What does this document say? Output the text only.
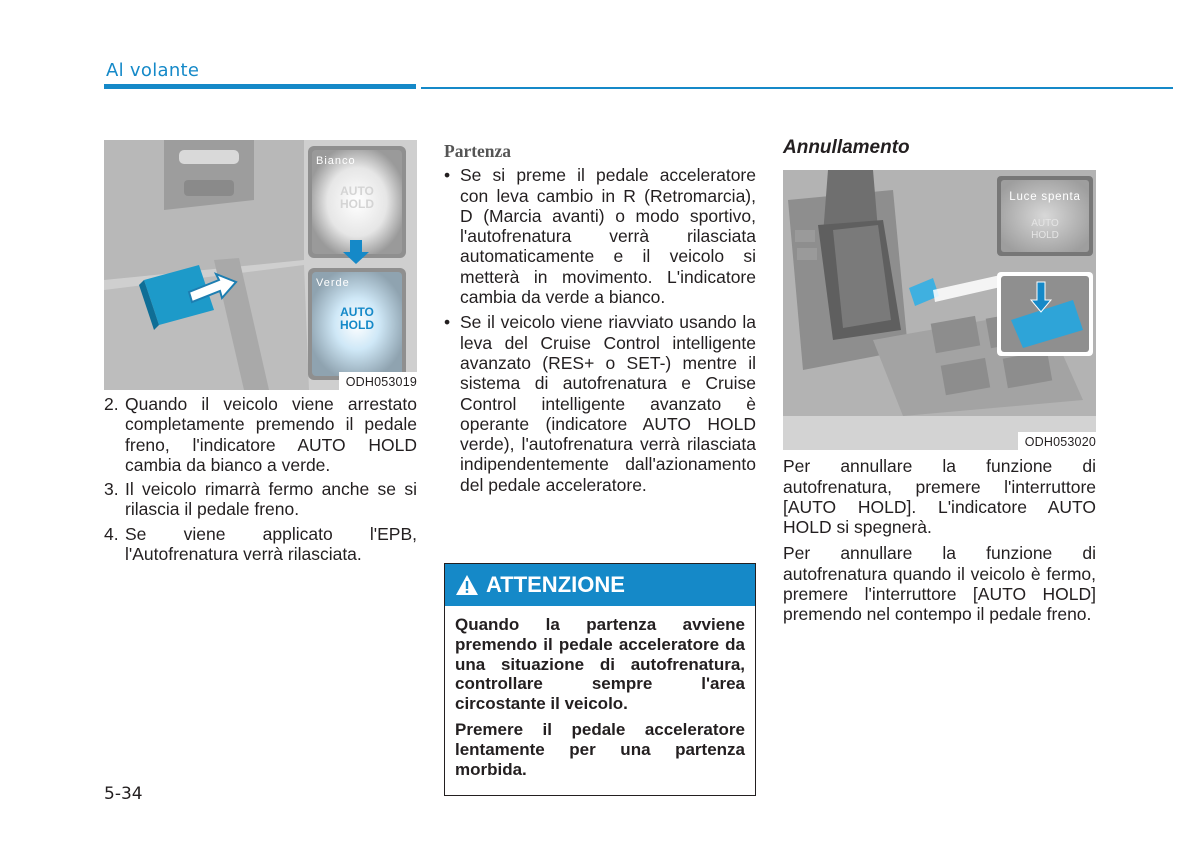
Al volante
Bianco
Verde
AUTO
HOLD
AUTO
HOLD
ODH053019
2. Quando il veicolo viene arrestato completamente premendo il pedale freno, l'indicatore AUTO HOLD cambia da bianco a verde.
3. Il veicolo rimarrà fermo anche se si rilascia il pedale freno.
4. Se viene applicato l'EPB, l'Autofrenatura verrà rilasciata.
Partenza
• Se si preme il pedale acceleratore con leva cambio in R (Retromarcia), D (Marcia avanti) o modo sportivo, l'autofrenatura verrà rilasciata automaticamente e il veicolo si metterà in movimento. L'indicatore cambia da verde a bianco.
• Se il veicolo viene riavviato usando la leva del Cruise Control intelligente avanzato (RES+ o SET-) mentre il sistema di autofrenatura e Cruise Control intelligente avanzato è operante (indicatore AUTO HOLD verde), l'autofrenatura verrà rilasciata indipendentemente dall'azionamento del pedale acceleratore.
ATTENZIONE

Quando la partenza avviene premendo il pedale acceleratore da una situazione di autofrenatura, controllare sempre l'area circostante il veicolo.

Premere il pedale acceleratore lentamente per una partenza morbida.

Annullamento
Luce spenta
AUTO
HOLD
ODH053020

Per annullare la funzione di autofrenatura, premere l'interruttore [AUTO HOLD]. L'indicatore AUTO HOLD si spegnerà.

Per annullare la funzione di autofrenatura quando il veicolo è fermo, premere l'interruttore [AUTO HOLD] premendo nel contempo il pedale freno.

5-34
